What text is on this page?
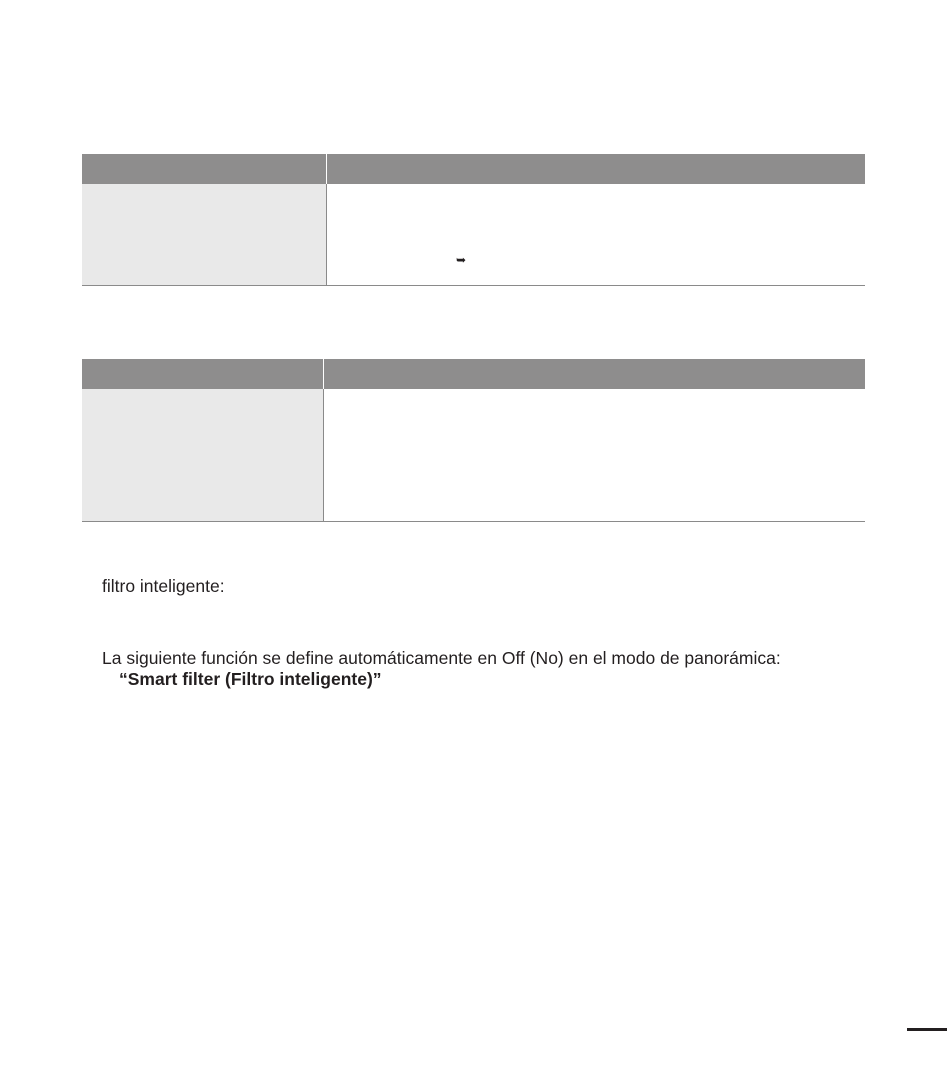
➥
filtro inteligente:
La siguiente función se define automáticamente en Off (No) en el modo de panorámica:
“Smart filter (Filtro inteligente)”
